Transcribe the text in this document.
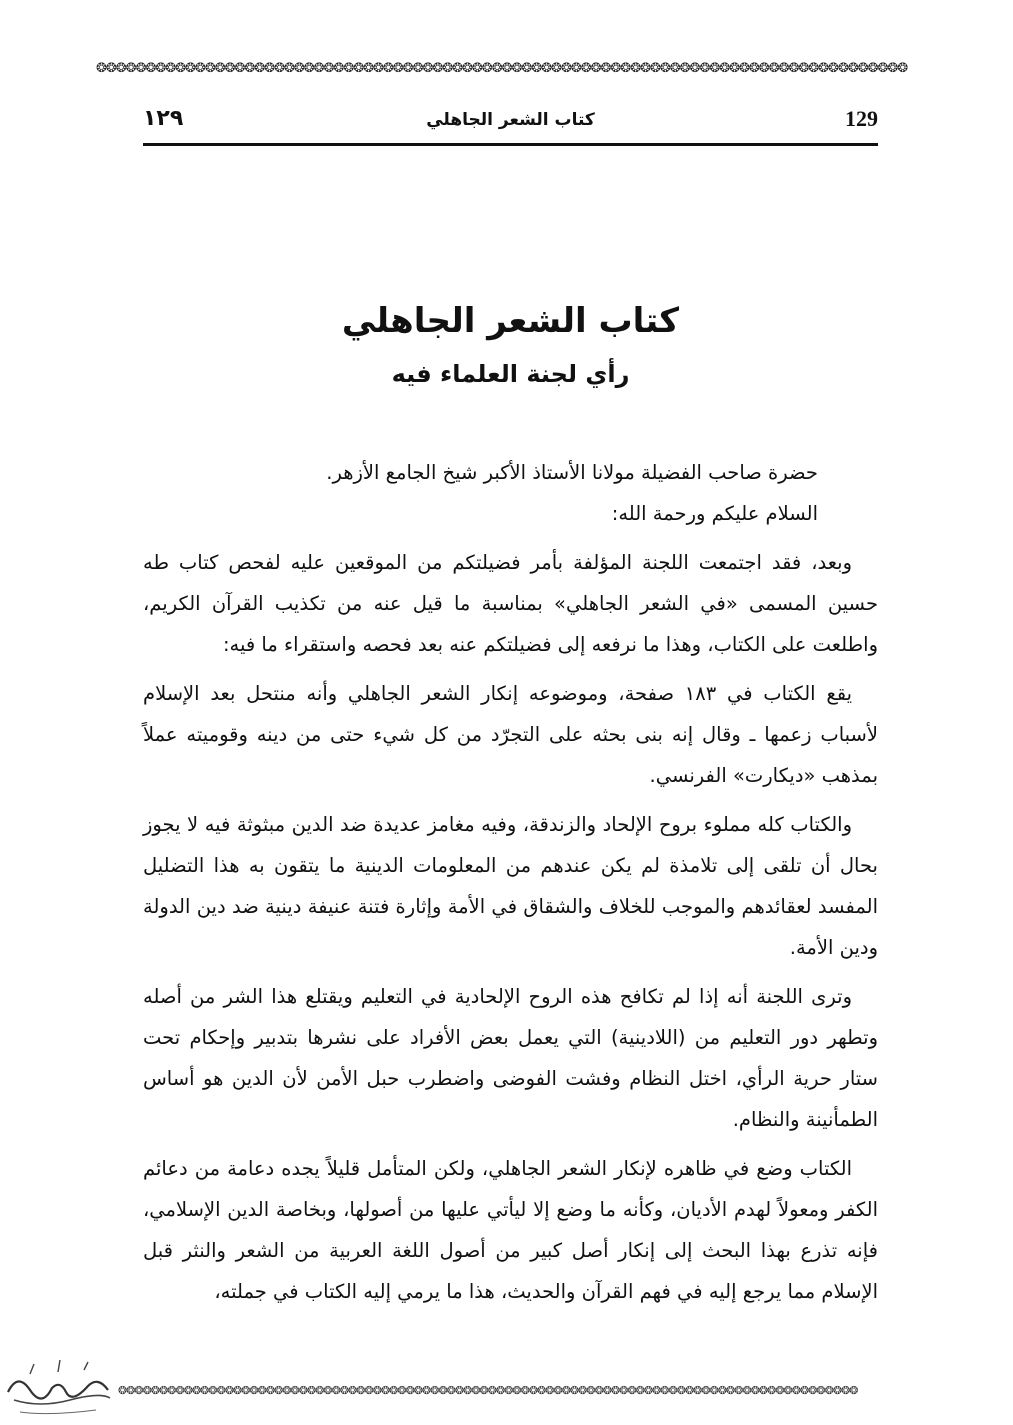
❂❂❂❂❂❂❂❂❂❂❂❂❂❂❂❂❂❂❂❂❂❂❂❂❂❂❂❂❂❂❂❂❂❂❂❂❂❂❂❂❂❂❂❂❂❂❂❂❂❂❂❂❂❂❂❂❂❂❂❂❂❂❂❂❂❂❂❂❂❂❂❂❂❂❂❂❂❂❂❂❂❂
129
كتاب الشعر الجاهلي
١٢٩
كتاب الشعر الجاهلي
رأي لجنة العلماء فيه

حضرة صاحب الفضيلة مولانا الأستاذ الأكبر شيخ الجامع الأزهر.

السلام عليكم ورحمة الله:

وبعد، فقد اجتمعت اللجنة المؤلفة بأمر فضيلتكم من الموقعين عليه لفحص كتاب طه حسين المسمى «في الشعر الجاهلي» بمناسبة ما قيل عنه من تكذيب القرآن الكريم، واطلعت على الكتاب، وهذا ما نرفعه إلى فضيلتكم عنه بعد فحصه واستقراء ما فيه:

يقع الكتاب في ١٨٣ صفحة، وموضوعه إنكار الشعر الجاهلي وأنه منتحل بعد الإسلام لأسباب زعمها ـ وقال إنه بنى بحثه على التجرّد من كل شيء حتى من دينه وقوميته عملاً بمذهب «ديكارت» الفرنسي.

والكتاب كله مملوء بروح الإلحاد والزندقة، وفيه مغامز عديدة ضد الدين مبثوثة فيه لا يجوز بحال أن تلقى إلى تلامذة لم يكن عندهم من المعلومات الدينية ما يتقون به هذا التضليل المفسد لعقائدهم والموجب للخلاف والشقاق في الأمة وإثارة فتنة عنيفة دينية ضد دين الدولة ودين الأمة.

وترى اللجنة أنه إذا لم تكافح هذه الروح الإلحادية في التعليم ويقتلع هذا الشر من أصله وتطهر دور التعليم من (اللادينية) التي يعمل بعض الأفراد على نشرها بتدبير وإحكام تحت ستار حرية الرأي، اختل النظام وفشت الفوضى واضطرب حبل الأمن لأن الدين هو أساس الطمأنينة والنظام.

الكتاب وضع في ظاهره لإنكار الشعر الجاهلي، ولكن المتأمل قليلاً يجده دعامة من دعائم الكفر ومعولاً لهدم الأديان، وكأنه ما وضع إلا ليأتي عليها من أصولها، وبخاصة الدين الإسلامي، فإنه تذرع بهذا البحث إلى إنكار أصل كبير من أصول اللغة العربية من الشعر والنثر قبل الإسلام مما يرجع إليه في فهم القرآن والحديث، هذا ما يرمي إليه الكتاب في جملته،

❂❂❂❂❂❂❂❂❂❂❂❂❂❂❂❂❂❂❂❂❂❂❂❂❂❂❂❂❂❂❂❂❂❂❂❂❂❂❂❂❂❂❂❂❂❂❂❂❂❂❂❂❂❂❂❂❂❂❂❂❂❂❂❂❂❂❂❂❂❂❂❂❂❂❂❂❂❂❂❂❂❂❂❂❂❂❂❂❂❂
